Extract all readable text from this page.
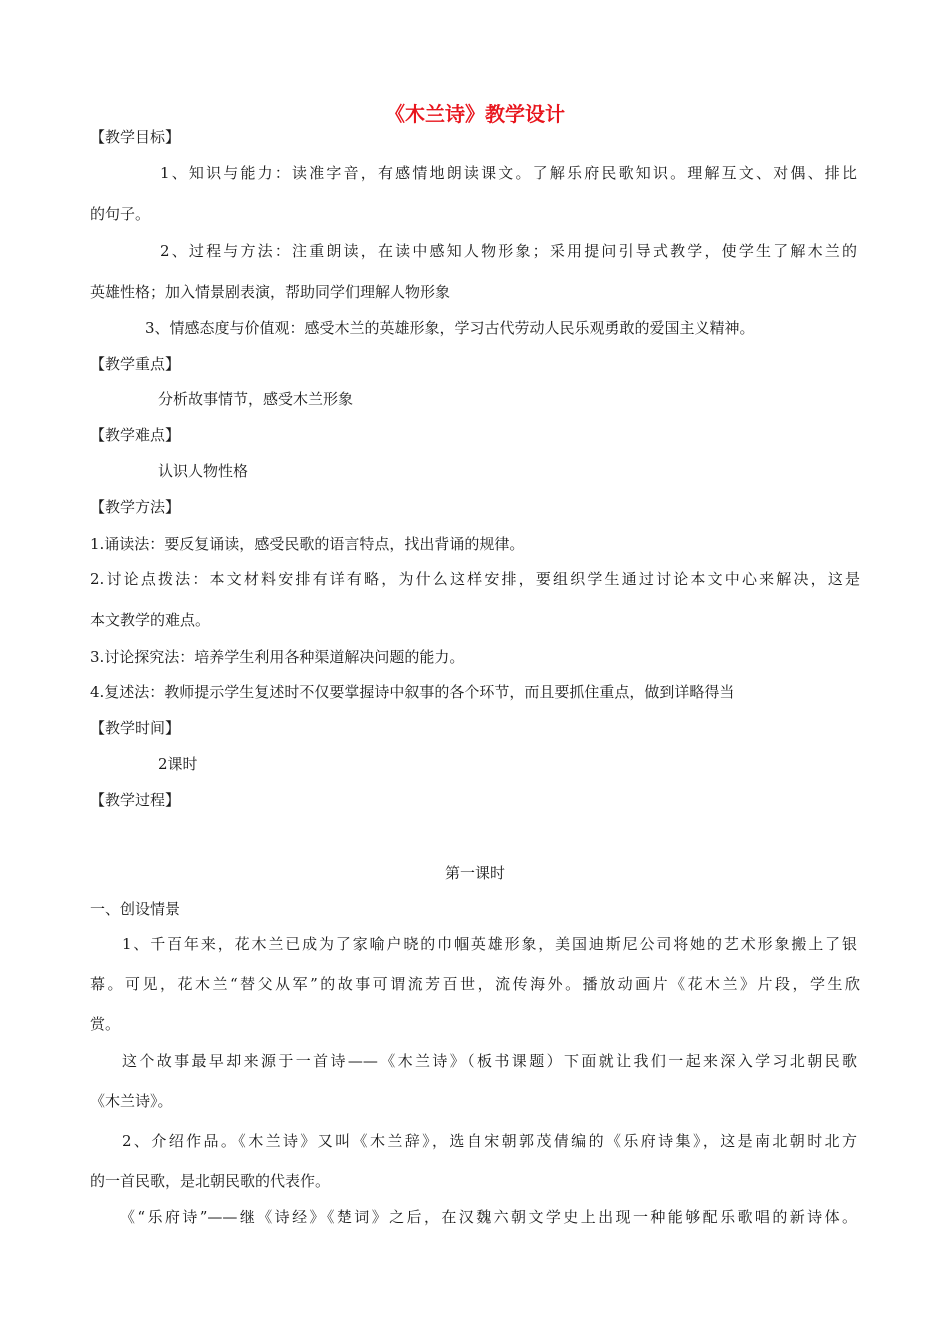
《木兰诗》教学设计
【教学目标】
1、知识与能力：读准字音，有感情地朗读课文。了解乐府民歌知识。理解互文、对偶、排比
的句子。
2、过程与方法：注重朗读，在读中感知人物形象；采用提问引导式教学，使学生了解木兰的
英雄性格；加入情景剧表演，帮助同学们理解人物形象
3、情感态度与价值观：感受木兰的英雄形象，学习古代劳动人民乐观勇敢的爱国主义精神。
【教学重点】
分析故事情节，感受木兰形象
【教学难点】
认识人物性格
【教学方法】
1.诵读法：要反复诵读，感受民歌的语言特点，找出背诵的规律。
2.讨论点拨法：本文材料安排有详有略，为什么这样安排，要组织学生通过讨论本文中心来解决，这是
本文教学的难点。
3.讨论探究法：培养学生利用各种渠道解决问题的能力。
4.复述法：教师提示学生复述时不仅要掌握诗中叙事的各个环节，而且要抓住重点，做到详略得当
【教学时间】
2课时
【教学过程】
第一课时
一、创设情景
1、千百年来，花木兰已成为了家喻户晓的巾帼英雄形象，美国迪斯尼公司将她的艺术形象搬上了银
幕。可见，花木兰“替父从军”的故事可谓流芳百世，流传海外。播放动画片《花木兰》片段，学生欣
赏。
这个故事最早却来源于一首诗——《木兰诗》（板书课题）下面就让我们一起来深入学习北朝民歌
《木兰诗》。
2、介绍作品。《木兰诗》又叫《木兰辞》，选自宋朝郭茂倩编的《乐府诗集》，这是南北朝时北方
的一首民歌，是北朝民歌的代表作。
《“乐府诗”——继《诗经》《楚词》之后，在汉魏六朝文学史上出现一种能够配乐歌唱的新诗体。
